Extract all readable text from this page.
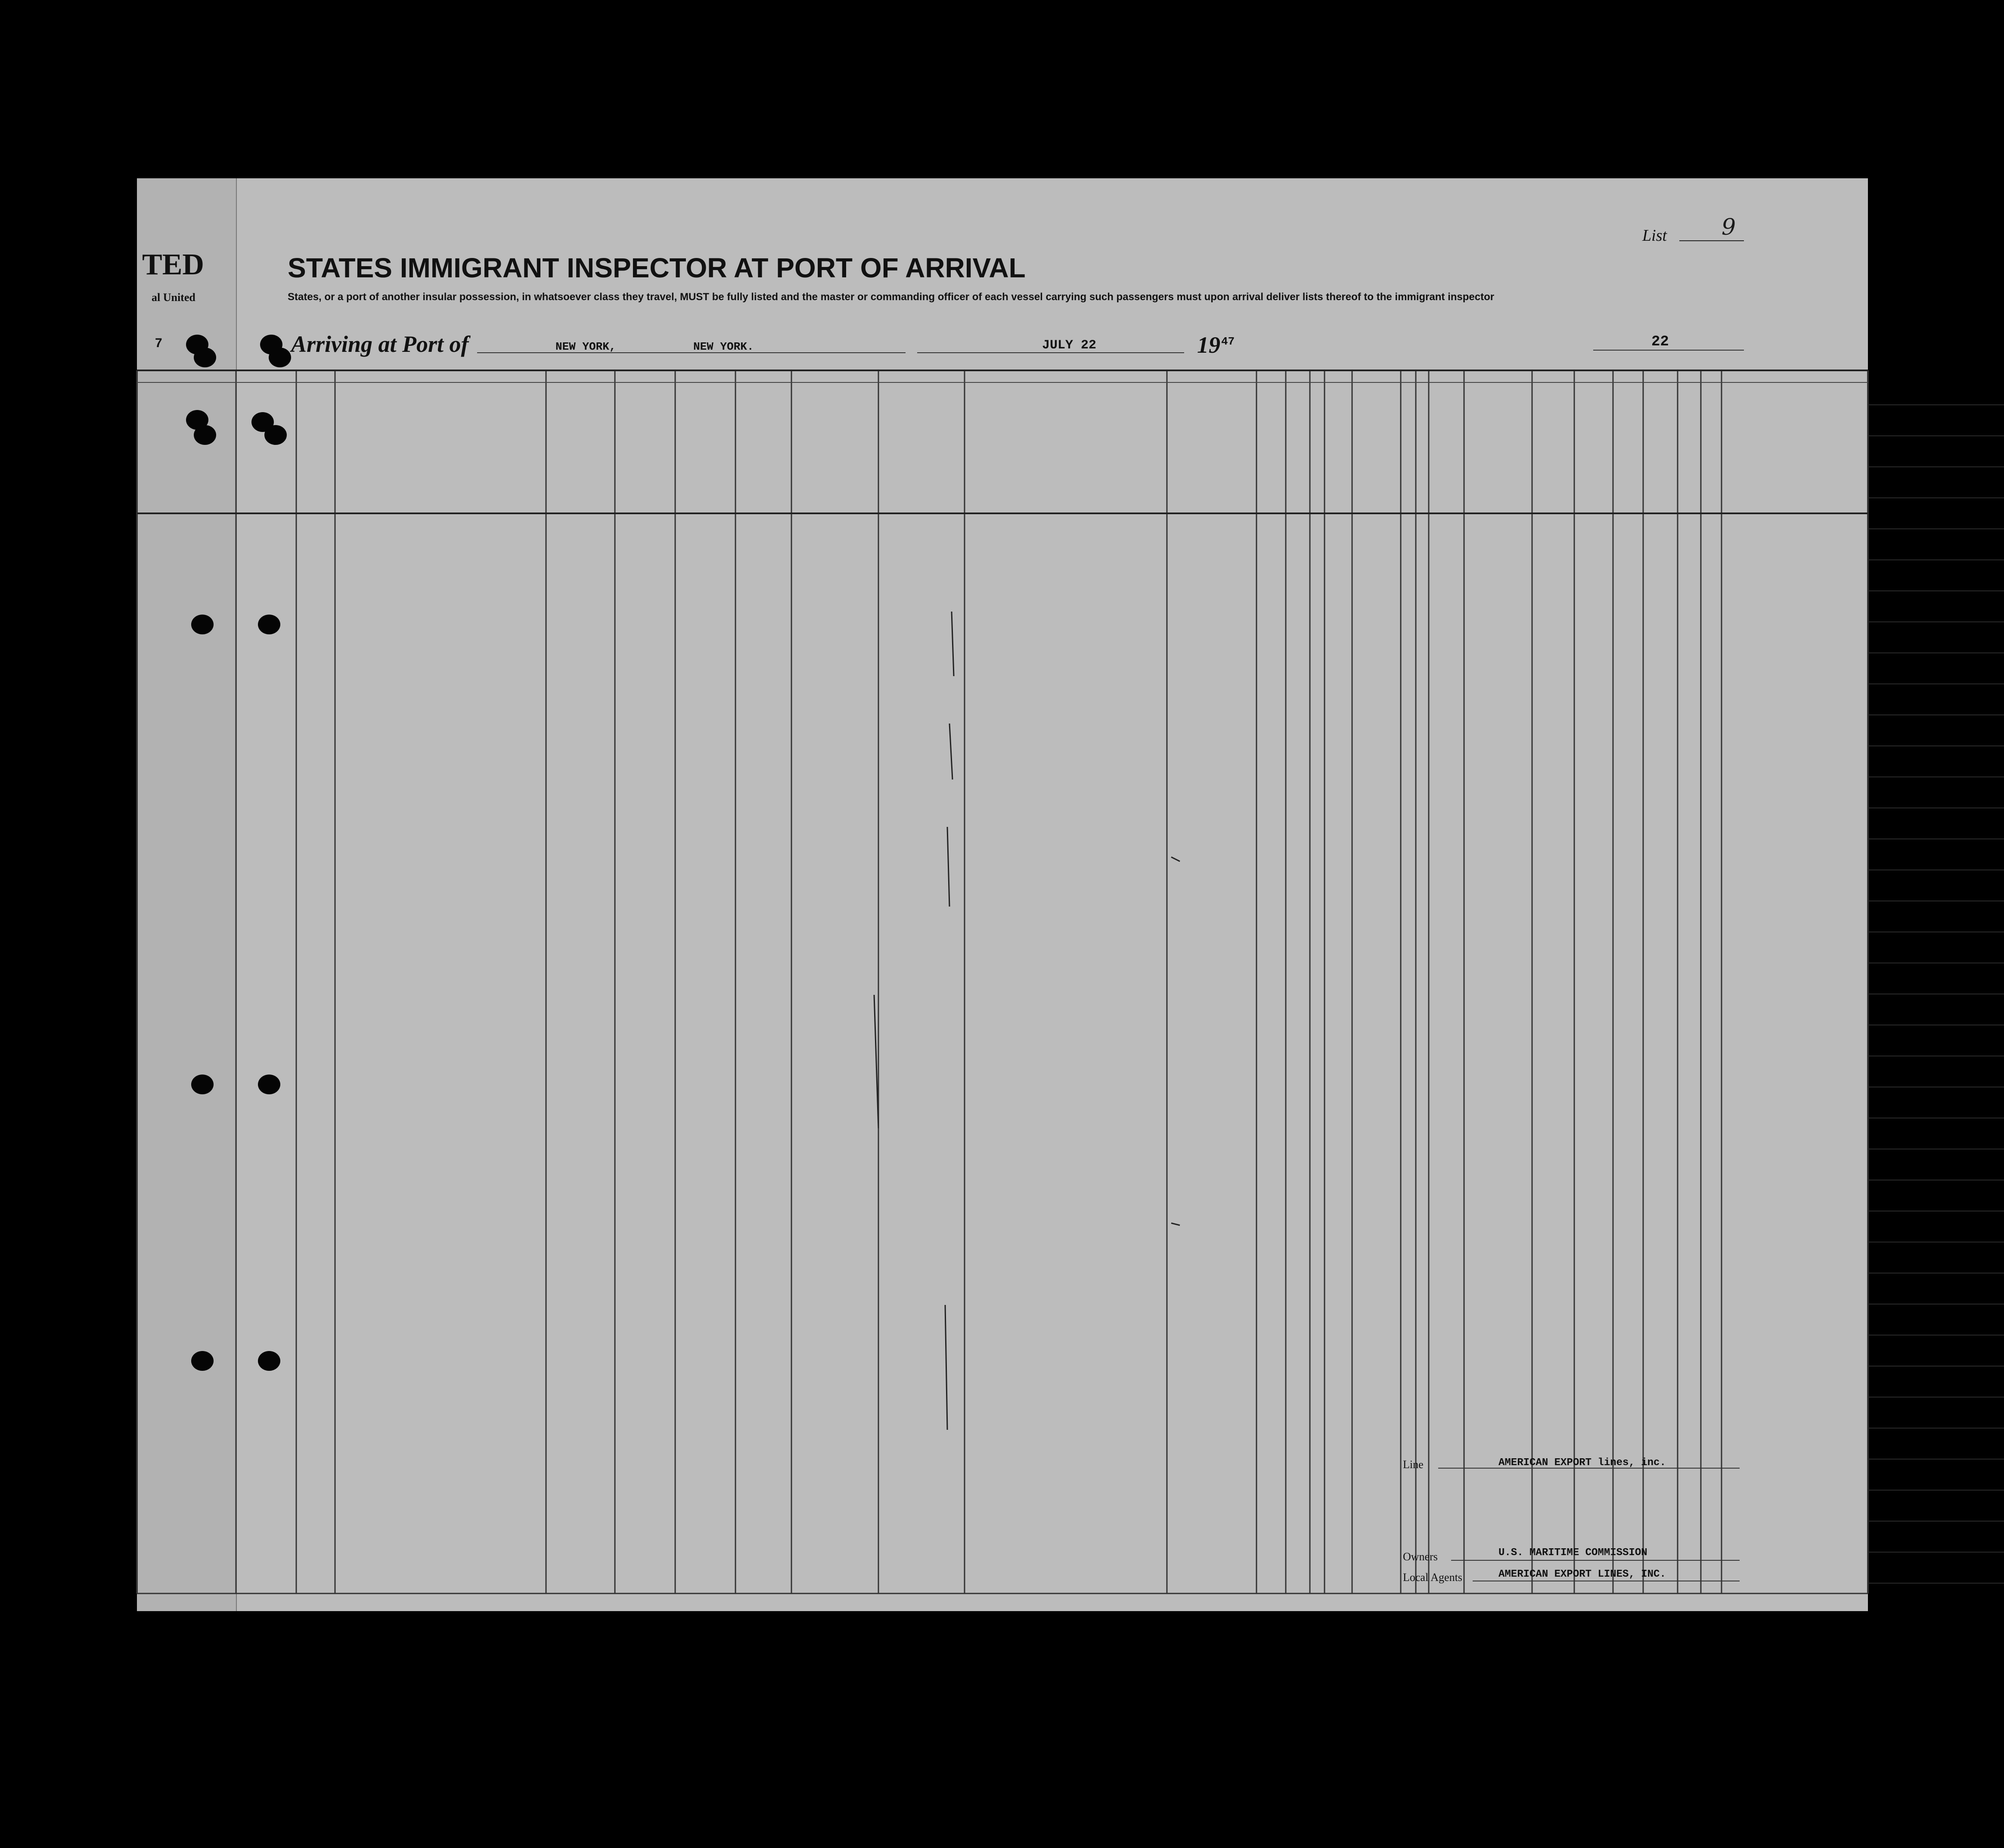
TED
al United
7
STATES IMMIGRANT INSPECTOR AT PORT OF ARRIVAL
States, or a port of another insular possession, in whatsoever class they travel, MUST be fully listed and the master or commanding officer of each vessel carrying such passengers must upon arrival deliver lists thereof to the immigrant inspector
List 9
Arriving at Port of	NEW YORK,	NEW YORK.	JULY 22	19 47	22
Line	AMERICAN EXPORT lines, inc.
Owners	U.S. MARITIME COMMISSION
Local Agents	AMERICAN EXPORT LINES, INC.
